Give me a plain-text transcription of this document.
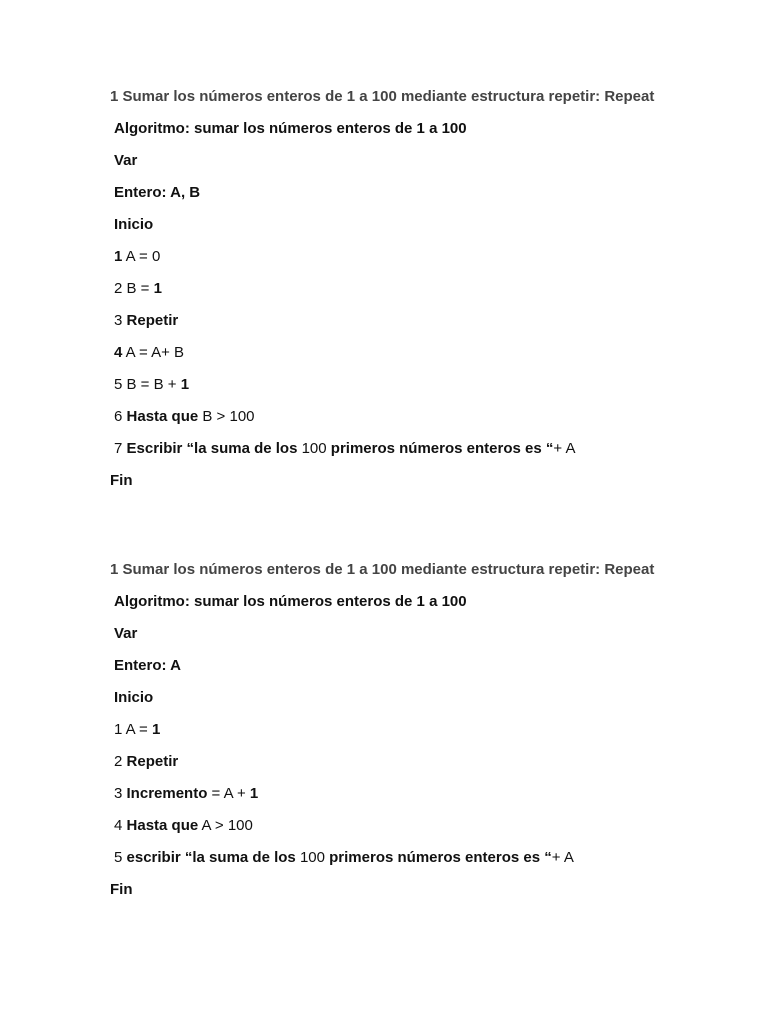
1 Sumar los números enteros de 1 a 100 mediante estructura repetir: Repeat

Algoritmo: sumar los números enteros de 1 a 100
Var
Entero: A, B
Inicio
1 A = 0
2 B = 1
3 Repetir
4 A = A+ B
5 B = B + 1
6 Hasta que B > 100
7 Escribir “la suma de los 100 primeros números enteros es “+ A
Fin

1 Sumar los números enteros de 1 a 100 mediante estructura repetir: Repeat

Algoritmo: sumar los números enteros de 1 a 100
Var
Entero: A
Inicio
1 A = 1
2 Repetir
3 Incremento = A + 1
4 Hasta que A > 100
5 escribir “la suma de los 100 primeros números enteros es “+ A
Fin
